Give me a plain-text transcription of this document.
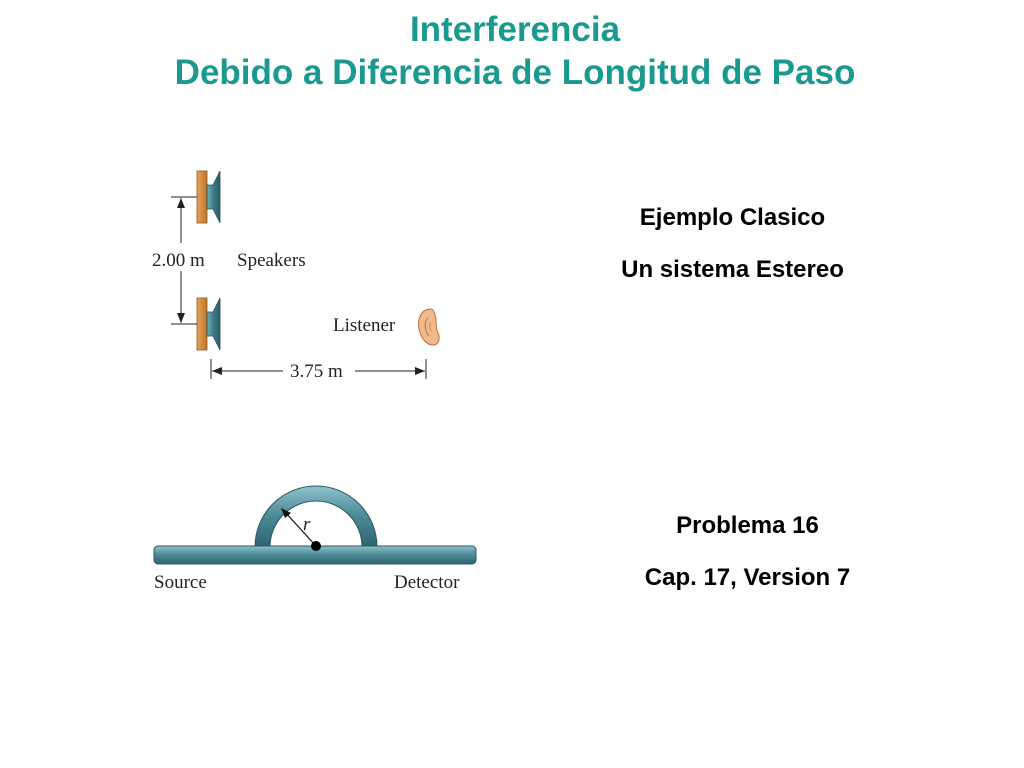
Interferencia
Debido a Diferencia de Longitud de Paso
2.00 m Speakers
Listener
3.75 m
r
Source	Detector
Ejemplo Clasico
Un sistema Estereo
Problema 16
Cap. 17, Version 7
